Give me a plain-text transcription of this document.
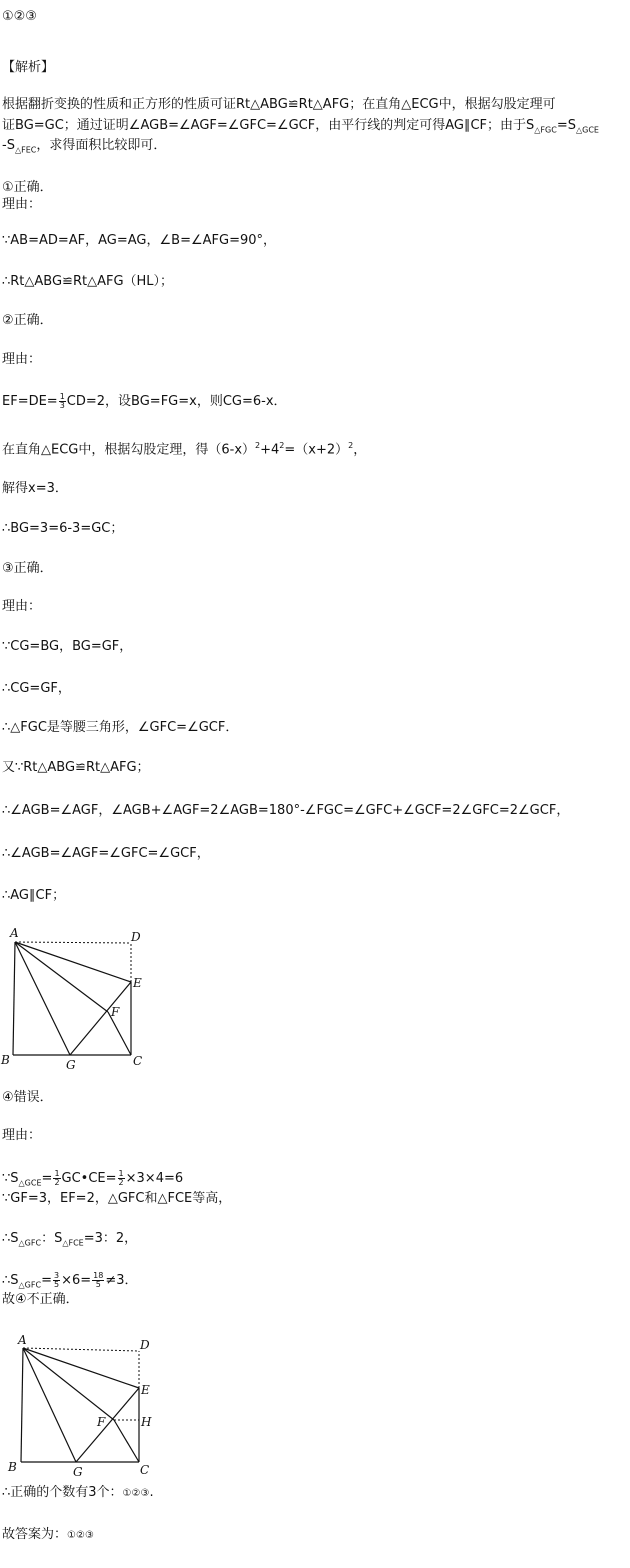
①②③
【解析】
根据翻折变换的性质和正方形的性质可证Rt△ABG≌Rt△AFG；在直角△ECG中，根据勾股定理可
证BG=GC；通过证明∠AGB=∠AGF=∠GFC=∠GCF，由平行线的判定可得AG∥CF；由于$S_{\triangle FGC}=S_{\triangle GCE}$
$-S_{\triangle FEC}$，求得面积比较即可．
①正确．
理由：
∵AB=AD=AF，AG=AG，∠B=∠AFG=90°，
∴Rt△ABG≌Rt△AFG（HL）；
②正确．
理由：
$EF=DE= \frac{1}{3} CD=2$，设BG=FG=x，则CG=6-x．
在直角△ECG中，根据勾股定理，得$(6-x)^2+4^2=(x+2)^2$，
解得x=3．
∴BG=3=6-3=GC；
③正确．
理由：
∵CG=BG，BG=GF，
∴CG=GF，
∴△FGC是等腰三角形，∠GFC=∠GCF．
又∵Rt△ABG≌Rt△AFG；
∴∠AGB=∠AGF，∠AGB+∠AGF=2∠AGB=180°-∠FGC=∠GFC+∠GCF=2∠GFC=2∠GCF，
∴∠AGB=∠AGF=∠GFC=∠GCF，
∴AG∥CF；
A	D
E
F
B	G	C
④错误．
理由：
$\because S_{\triangle GCE}= \frac{1}{2}$ GC•CE= $\frac{1}{2} \times 3\times 4=6$
∵GF=3，EF=2，△GFC和△FCE等高，
$\therefore S_{\triangle GFC}$：$S_{\triangle FCE}=3$：2，
$\therefore S_{\triangle GFC}= \frac{3}{5} \times 6= \frac{18}{5} \ne 3$．
故④不正确．
A	D
E
F	H
B	G	C
∴正确的个数有3个：①②③.
故答案为：①②③
